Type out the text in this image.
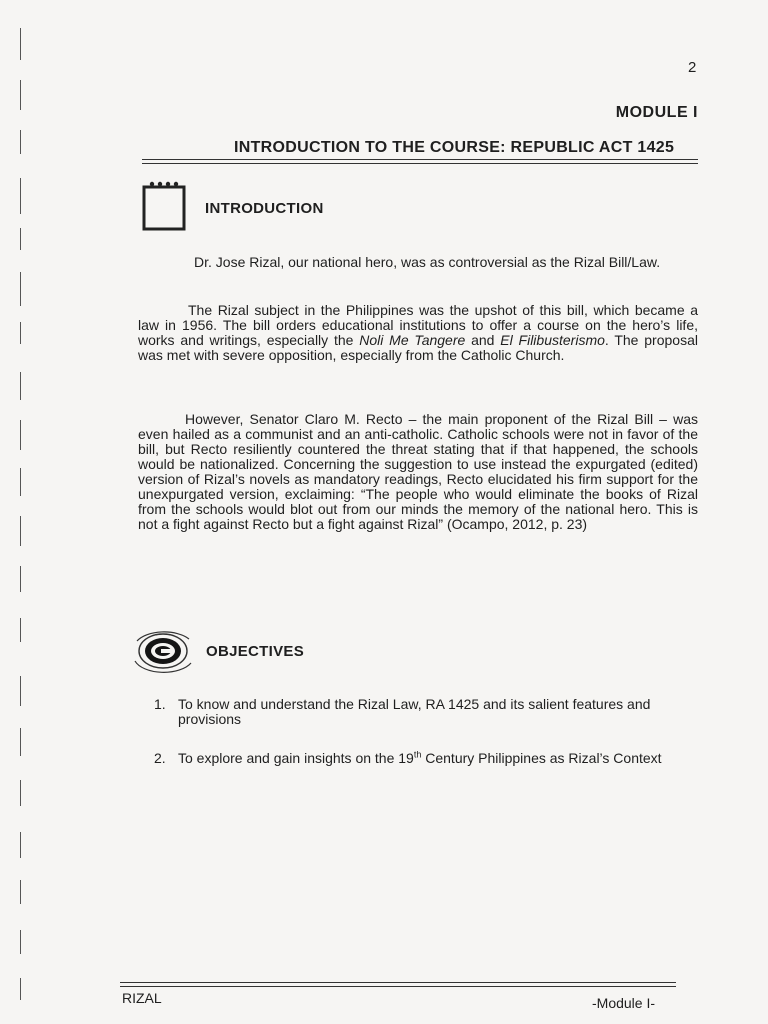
2
MODULE I
INTRODUCTION TO THE COURSE: REPUBLIC ACT 1425
INTRODUCTION
Dr. Jose Rizal, our national hero, was as controversial as the Rizal Bill/Law.
The Rizal subject in the Philippines was the upshot of this bill, which became a law in 1956. The bill orders educational institutions to offer a course on the hero’s life, works and writings, especially the Noli Me Tangere and El Filibusterismo. The proposal was met with severe opposition, especially from the Catholic Church.
However, Senator Claro M. Recto – the main proponent of the Rizal Bill – was even hailed as a communist and an anti-catholic. Catholic schools were not in favor of the bill, but Recto resiliently countered the threat stating that if that happened, the schools would be nationalized. Concerning the suggestion to use instead the expurgated (edited) version of Rizal’s novels as mandatory readings, Recto elucidated his firm support for the unexpurgated version, exclaiming: “The people who would eliminate the books of Rizal from the schools would blot out from our minds the memory of the national hero. This is not a fight against Recto but a fight against Rizal” (Ocampo, 2012, p. 23)
OBJECTIVES
1. To know and understand the Rizal Law, RA 1425 and its salient features and provisions
2. To explore and gain insights on the 19th Century Philippines as Rizal’s Context
RIZAL	-Module I-
